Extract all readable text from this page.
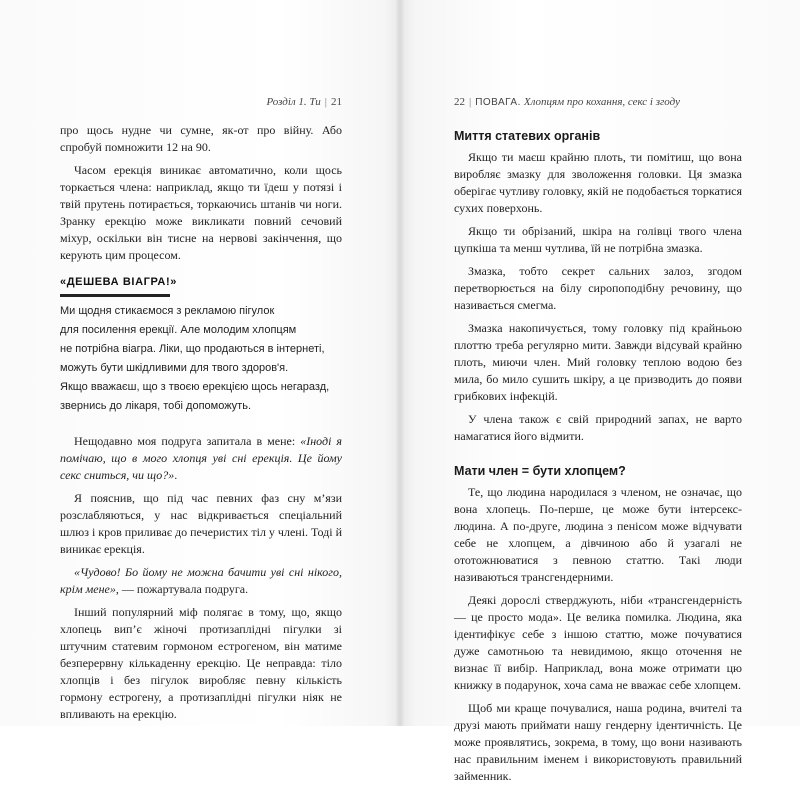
Розділ 1. Ти | 21

про щось нудне чи сумне, як-от про війну. Або спробуй помножити 12 на 90.

Часом ерекція виникає автоматично, коли щось торкається члена: наприклад, якщо ти їдеш у потязі і твій прутень потирається, торкаючись штанів чи ноги. Зранку ерекцію може викликати повний сечовий міхур, оскільки він тисне на нервові закінчення, що керують цим процесом.

«ДЕШЕВА ВІАГРА!»

Ми щодня стикаємося з рекламою пігулок

для посилення ерекції. Але молодим хлопцям

не потрібна віагра. Ліки, що продаються в інтернеті,

можуть бути шкідливими для твого здоров'я.

Якщо вважаєш, що з твоєю ерекцією щось негаразд,

звернись до лікаря, тобі допоможуть.

Нещодавно моя подруга запитала в мене: «Іноді я помічаю, що в мого хлопця уві сні ерекція. Це йому секс сниться, чи що?».

Я пояснив, що під час певних фаз сну м’язи розслабляються, у нас відкривається спеціальний шлюз і кров приливає до печеристих тіл у члені. Тоді й виникає ерекція.

«Чудово! Бо йому не можна бачити уві сні нікого, крім мене», — пожартувала подруга.

Інший популярний міф полягає в тому, що, якщо хлопець вип’є жіночі протизаплідні пігулки зі штучним статевим гормоном естрогеном, він матиме безперервну кількаденну ерекцію. Це неправда: тіло хлопців і без пігулок виробляє певну кількість гормону естрогену, а протизаплідні пігулки ніяк не впливають на ерекцію.

22 | ПОВАГА. Хлопцям про кохання, секс і згоду
Миття статевих органів

Якщо ти маєш крайню плоть, ти помітиш, що вона виробляє змазку для зволоження головки. Ця змазка оберігає чутливу головку, якій не подобається торкатися сухих поверхонь.

Якщо ти обрізаний, шкіра на голівці твого члена цупкіша та менш чутлива, їй не потрібна змазка.

Змазка, тобто секрет сальних залоз, згодом перетворюється на білу сиропоподібну речовину, що називається смегма.

Змазка накопичується, тому головку під крайньою плоттю треба регулярно мити. Завжди відсувай крайню плоть, миючи член. Мий головку теплою водою без мила, бо мило сушить шкіру, а це призводить до появи грибкових інфекцій.

У члена також є свій природний запах, не варто намагатися його відмити.

Мати член = бути хлопцем?

Те, що людина народилася з членом, не означає, що вона хлопець. По-перше, це може бути інтерсекс-людина. А по-друге, людина з пенісом може відчувати себе не хлопцем, а дівчиною або й узагалі не ототожнюватися з певною статтю. Такі люди називаються трансгендерними.

Деякі дорослі стверджують, ніби «трансгендерність — це просто мода». Це велика помилка. Людина, яка ідентифікує себе з іншою статтю, може почуватися дуже самотньою та невидимою, якщо оточення не визнає її вибір. Наприклад, вона може отримати цю книжку в подарунок, хоча сама не вважає себе хлопцем.

Щоб ми краще почувалися, наша родина, вчителі та друзі мають приймати нашу гендерну ідентичність. Це може проявлятись, зокрема, в тому, що вони називають нас правильним іменем і використовують правильний займенник.
